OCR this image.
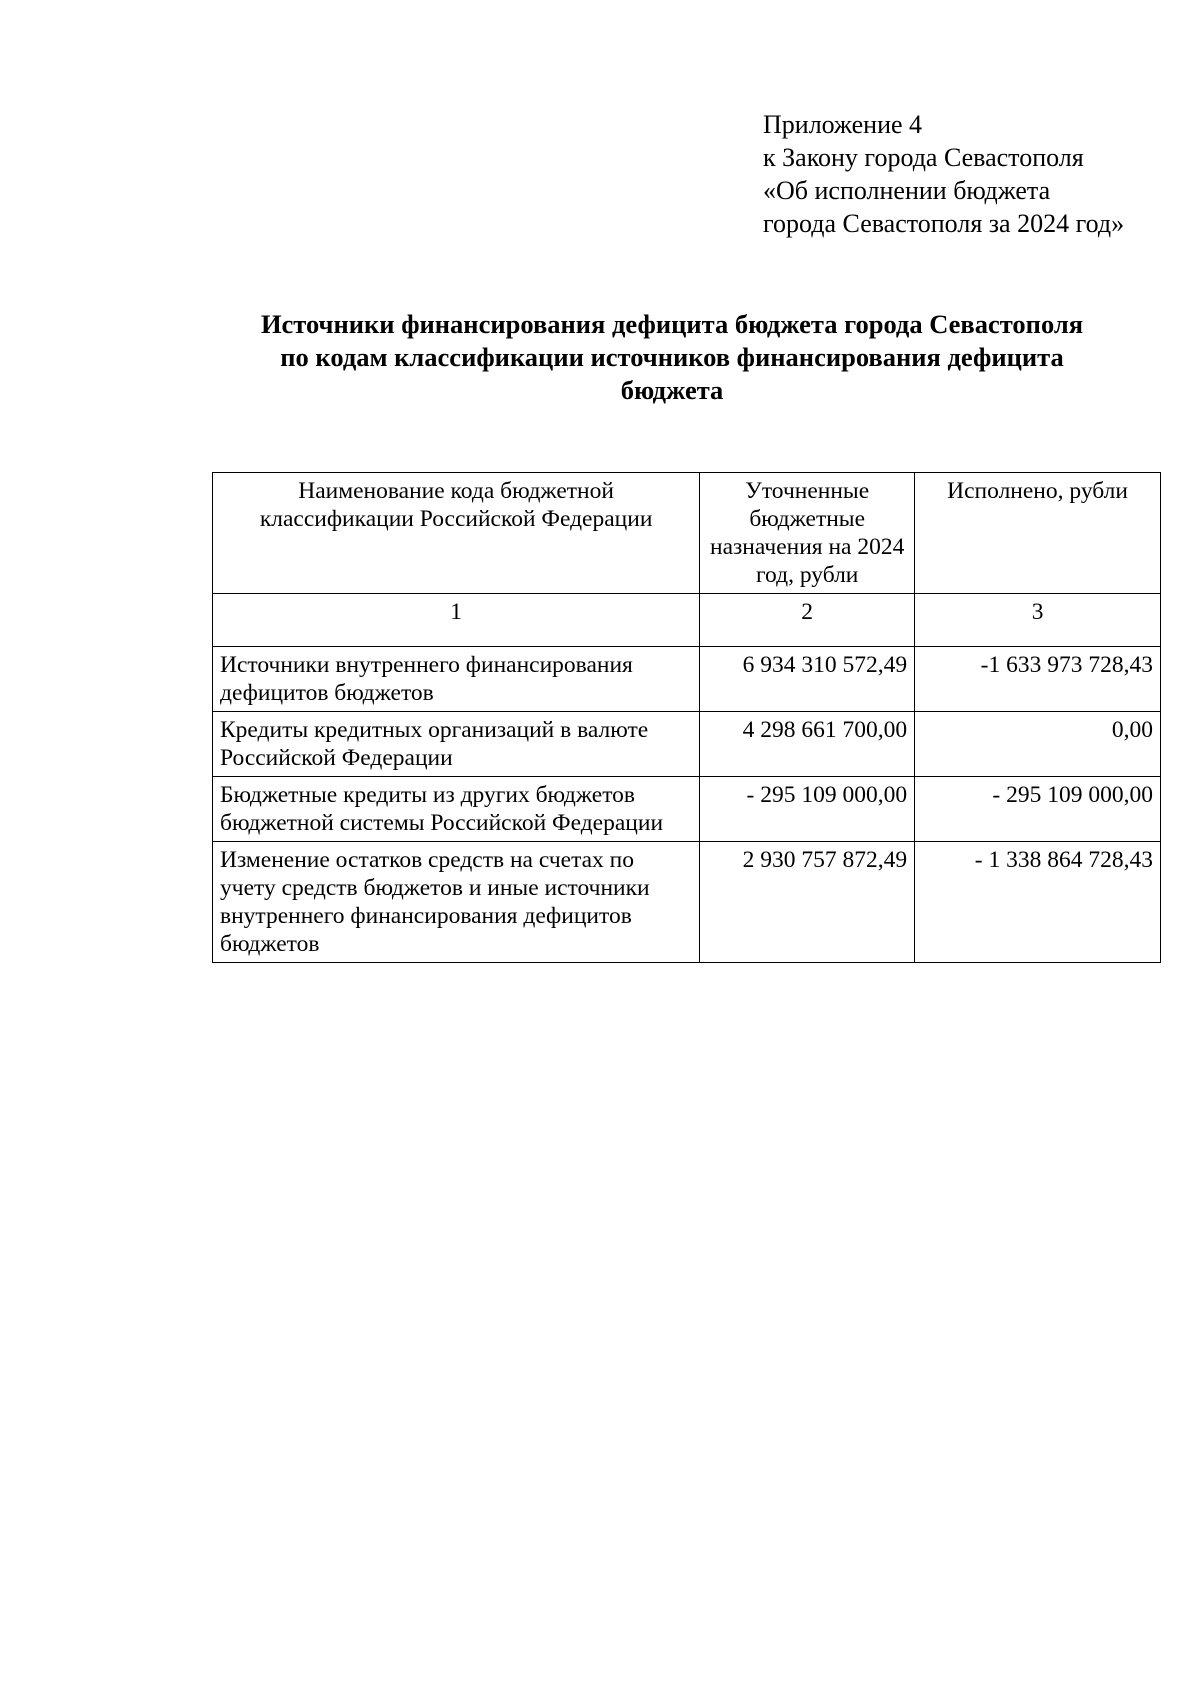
Приложение 4
к Закону города Севастополя
«Об исполнении бюджета
города Севастополя за 2024 год»
Источники финансирования дефицита бюджета города Севастополя
по кодам классификации источников финансирования дефицита
бюджета
Наименование кода бюджетной классификации Российской Федерации	Уточненные бюджетные назначения на 2024 год, рубли	Исполнено, рубли
1	2	3
Источники внутреннего финансирования дефицитов бюджетов	6 934 310 572,49	-1 633 973 728,43
Кредиты кредитных организаций в валюте Российской Федерации	4 298 661 700,00	0,00
Бюджетные кредиты из других бюджетов бюджетной системы Российской Федерации	- 295 109 000,00	- 295 109 000,00
Изменение остатков средств на счетах по учету средств бюджетов и иные источники внутреннего финансирования дефицитов бюджетов	2 930 757 872,49	- 1 338 864 728,43
